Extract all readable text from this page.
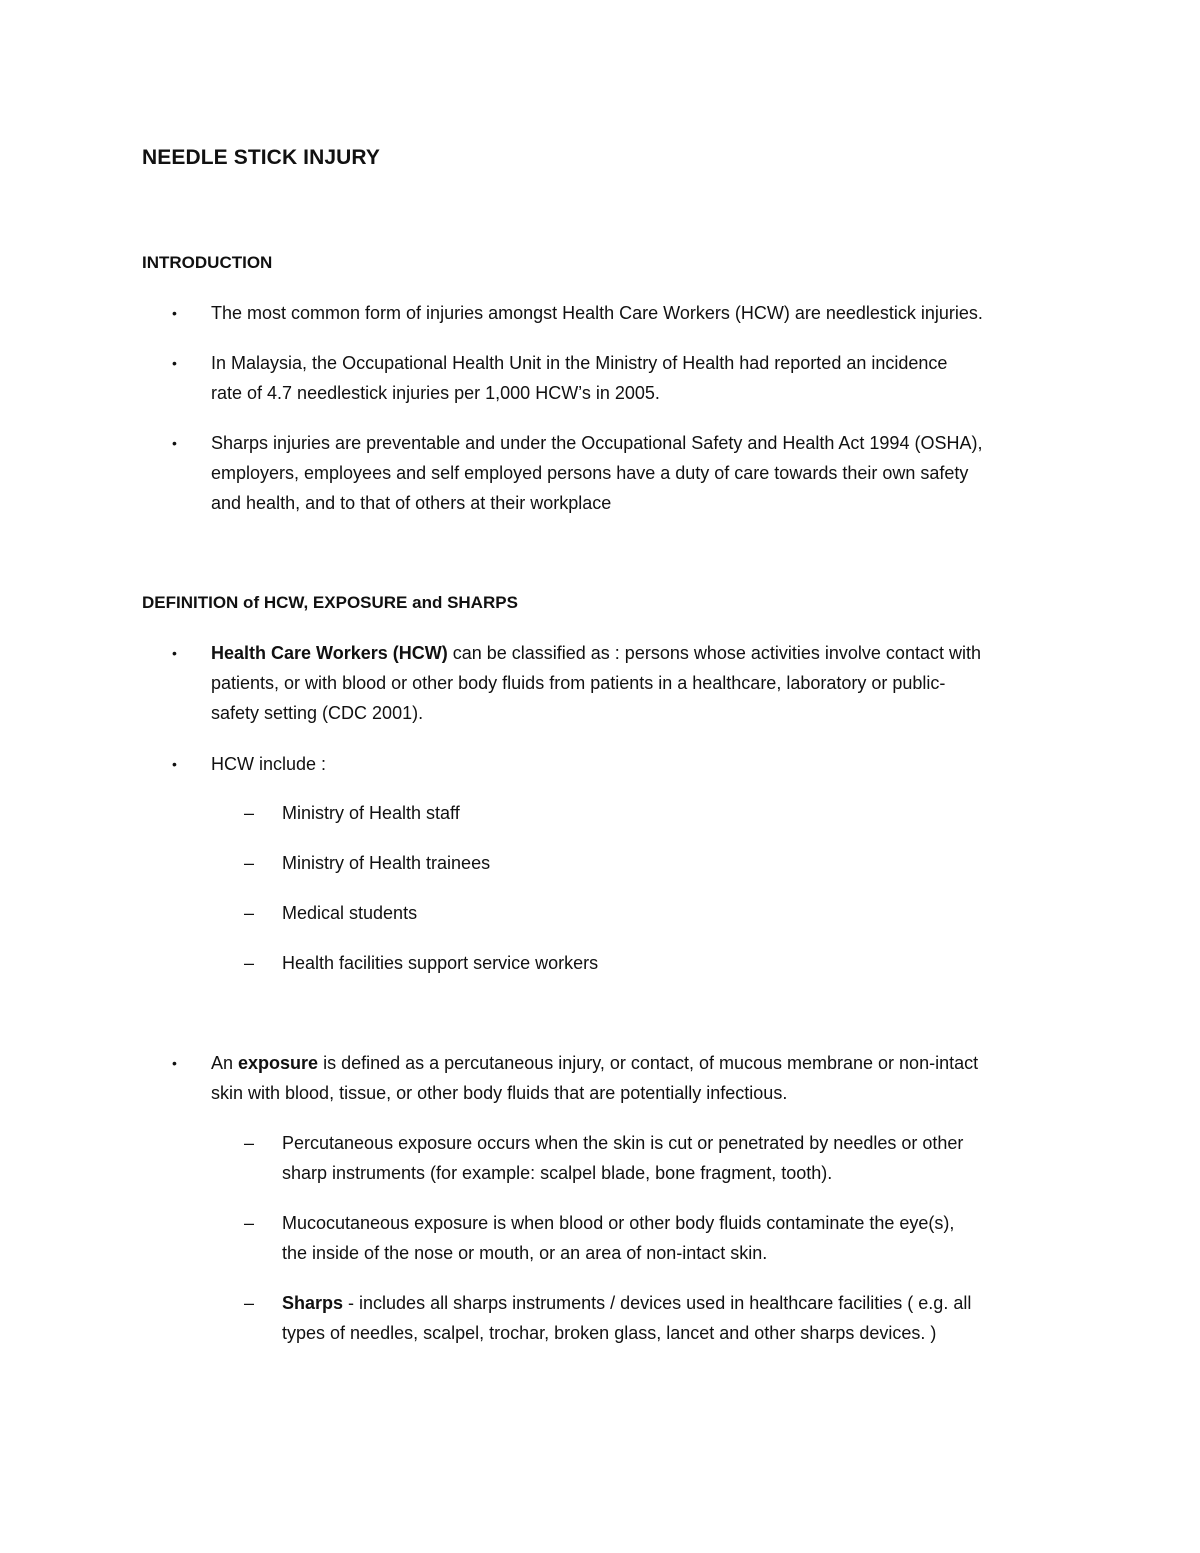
NEEDLE STICK INJURY
INTRODUCTION
• The most common form of injuries amongst Health Care Workers (HCW) are needlestick injuries.

• In Malaysia, the Occupational Health Unit in the Ministry of Health had reported an incidence

rate of 4.7 needlestick injuries per 1,000 HCW’s in 2005.

• Sharps injuries are preventable and under the Occupational Safety and Health Act 1994 (OSHA),

employers, employees and self employed persons have a duty of care towards their own safety

and health, and to that of others at their workplace

DEFINITION of HCW, EXPOSURE and SHARPS
• Health Care Workers (HCW) can be classified as : persons whose activities involve contact with

patients, or with blood or other body fluids from patients in a healthcare, laboratory or public-

safety setting (CDC 2001).

• HCW include :

– Ministry of Health staff

– Ministry of Health trainees

– Medical students

– Health facilities support service workers

• An exposure is defined as a percutaneous injury, or contact, of mucous membrane or non-intact

skin with blood, tissue, or other body fluids that are potentially infectious.

– Percutaneous exposure occurs when the skin is cut or penetrated by needles or other

sharp instruments (for example: scalpel blade, bone fragment, tooth).

– Mucocutaneous exposure is when blood or other body fluids contaminate the eye(s),

the inside of the nose or mouth, or an area of non-intact skin.

– Sharps - includes all sharps instruments / devices used in healthcare facilities ( e.g. all

types of needles, scalpel, trochar, broken glass, lancet and other sharps devices. )
